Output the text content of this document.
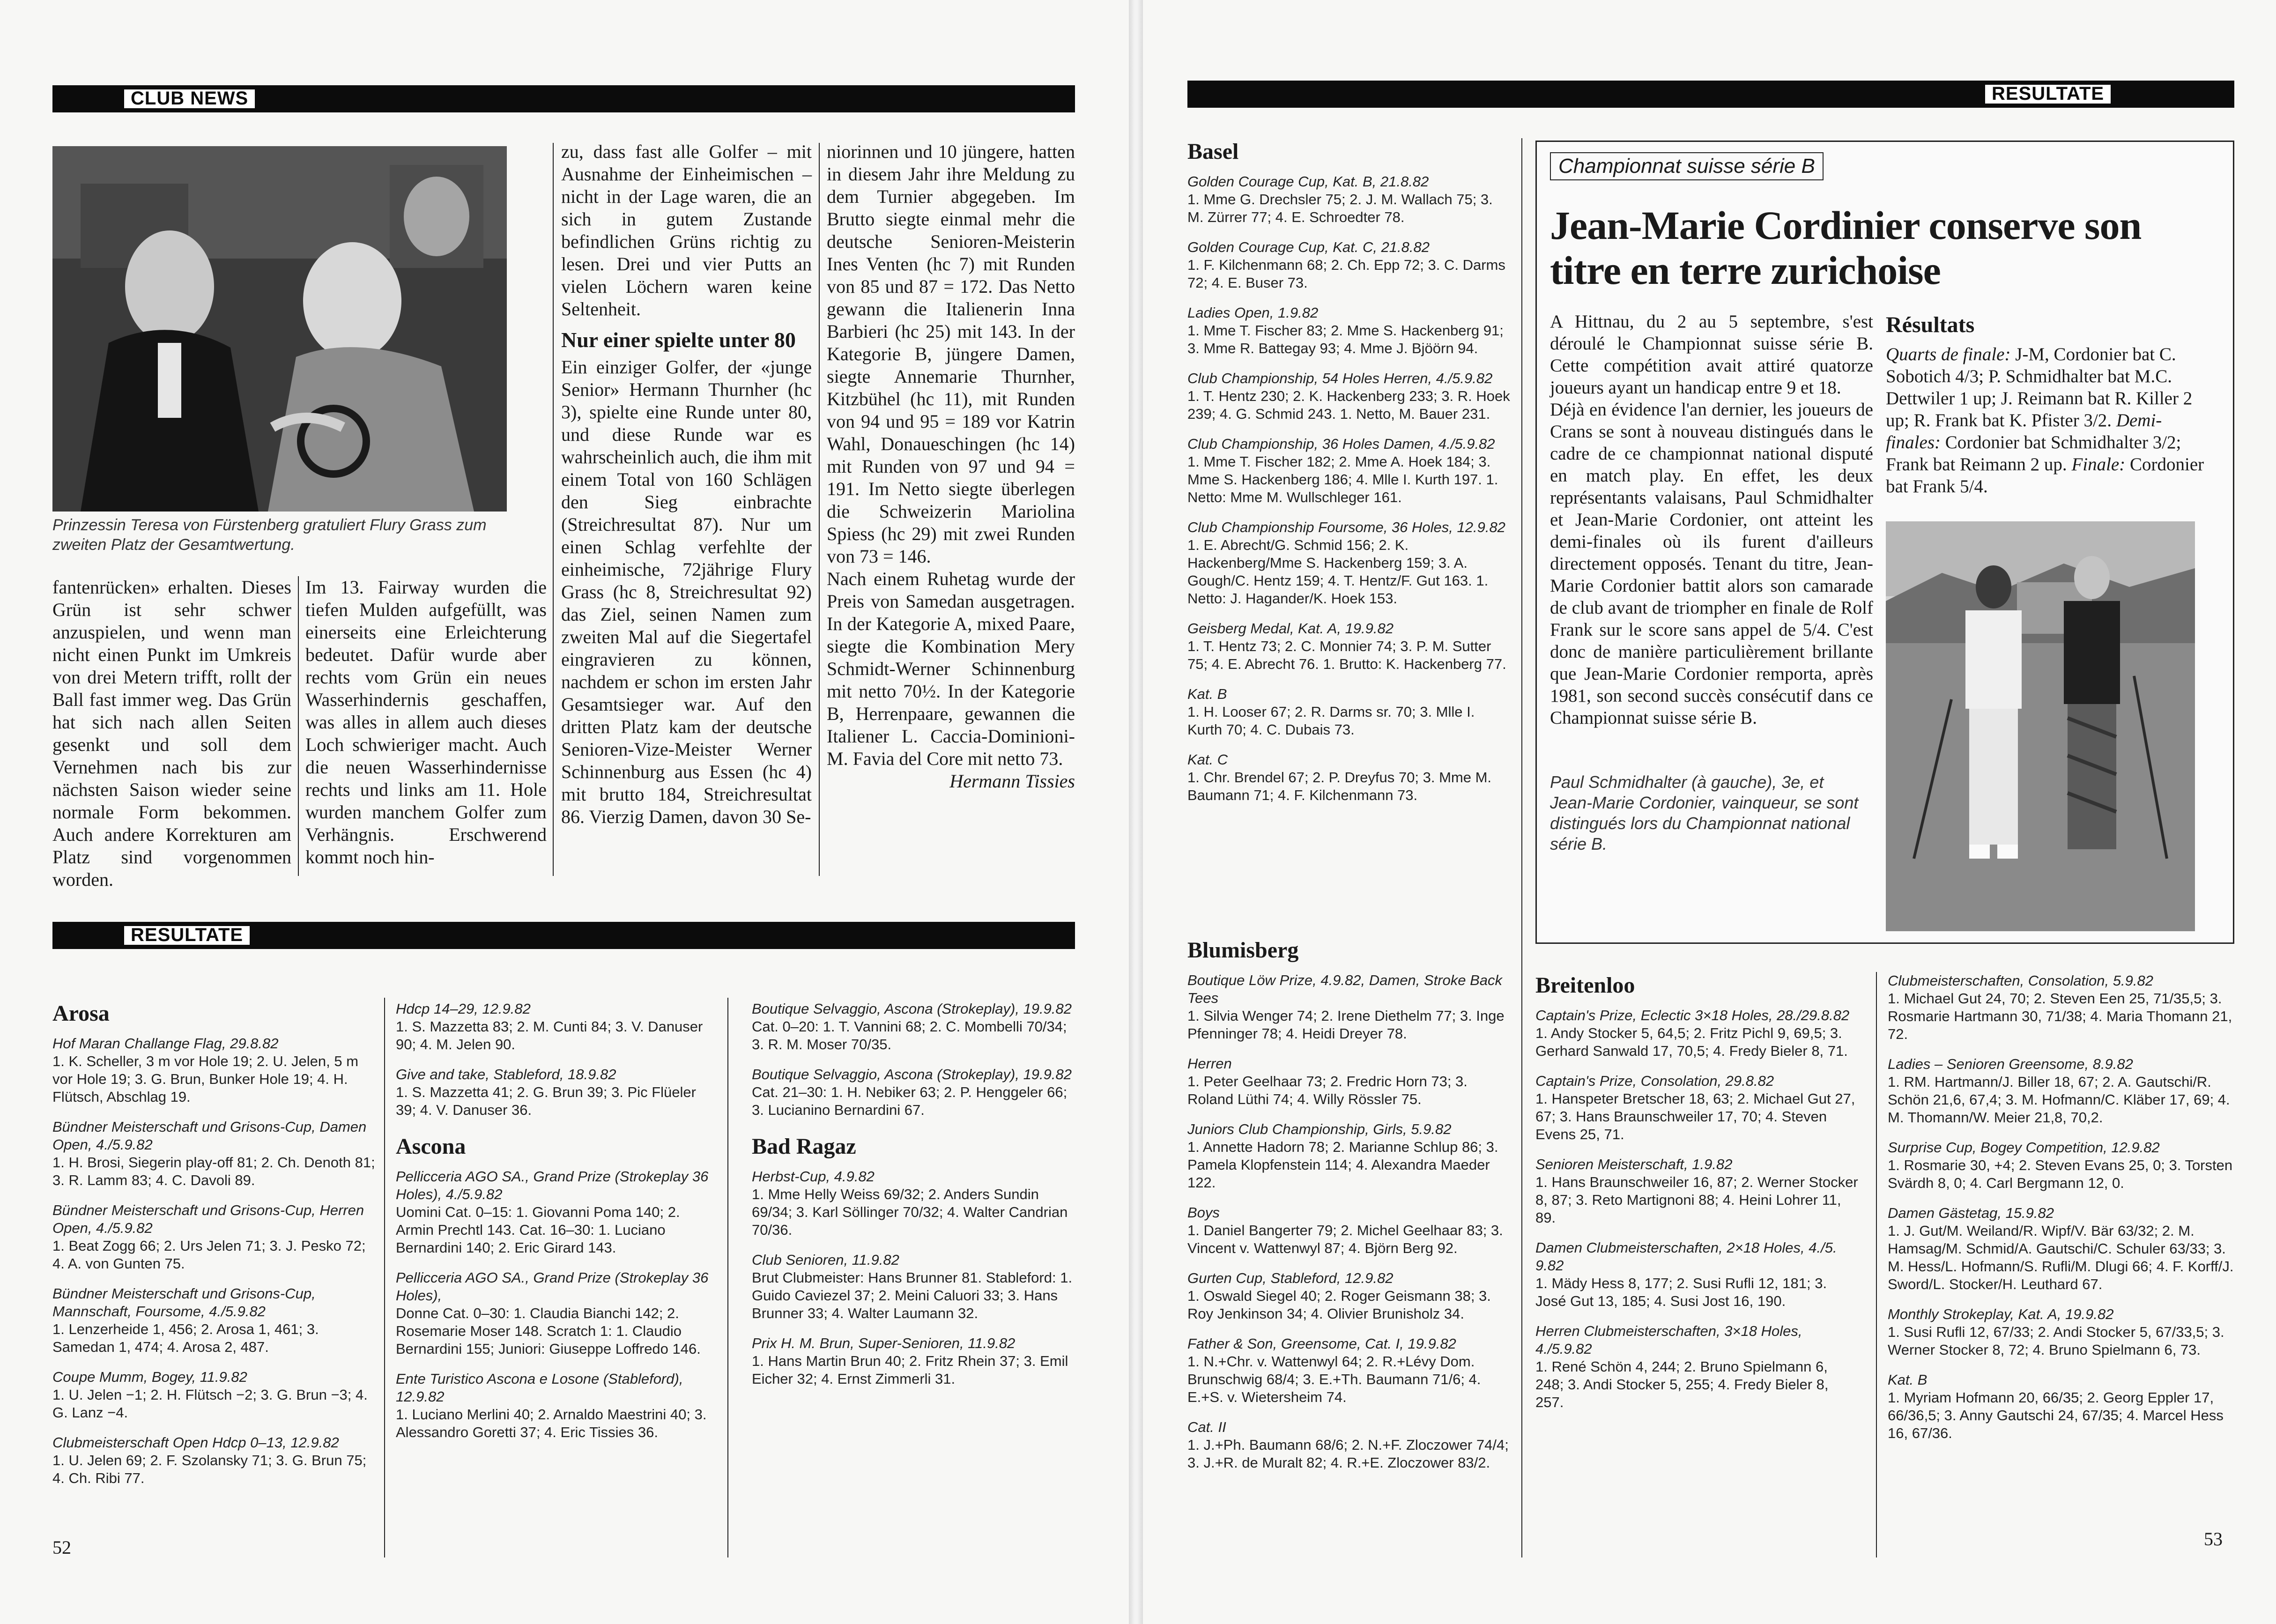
CLUB NEWS
Prinzessin Teresa von Fürstenberg gratuliert Flury Grass zum zweiten Platz der Gesamtwertung.

fantenrücken» erhalten. Dieses Grün ist sehr schwer anzuspielen, und wenn man nicht einen Punkt im Umkreis von drei Metern trifft, rollt der Ball fast immer weg. Das Grün hat sich nach allen Seiten gesenkt und soll dem Vernehmen nach bis zur nächsten Saison wieder seine normale Form bekommen. Auch andere Korrekturen am Platz sind vorgenommen worden.

Im 13. Fairway wurden die tiefen Mulden aufgefüllt, was einerseits eine Erleichterung bedeutet. Dafür wurde aber rechts vom Grün ein neues Wasserhindernis geschaffen, was alles in allem auch dieses Loch schwieriger macht. Auch die neuen Wasserhindernisse rechts und links am 11. Hole wurden manchem Golfer zum Verhängnis. Erschwerend kommt noch hin-

zu, dass fast alle Golfer – mit Ausnahme der Einheimischen – nicht in der Lage waren, die an sich in gutem Zustande befindlichen Grüns richtig zu lesen. Drei und vier Putts an vielen Löchern waren keine Seltenheit.

Nur einer spielte unter 80

Ein einziger Golfer, der «junge Senior» Hermann Thurnher (hc 3), spielte eine Runde unter 80, und diese Runde war es wahrscheinlich auch, die ihm mit einem Total von 160 Schlägen den Sieg einbrachte (Streichresultat 87). Nur um einen Schlag verfehlte der einheimische, 72jährige Flury Grass (hc 8, Streichresultat 92) das Ziel, seinen Namen zum zweiten Mal auf die Siegertafel eingravieren zu können, nachdem er schon im ersten Jahr Gesamtsieger war. Auf den dritten Platz kam der deutsche Senioren-Vize-Meister Werner Schinnenburg aus Essen (hc 4) mit brutto 184, Streichresultat 86. Vierzig Damen, davon 30 Se-

niorinnen und 10 jüngere, hatten in diesem Jahr ihre Meldung zu dem Turnier abgegeben. Im Brutto siegte einmal mehr die deutsche Senioren-Meisterin Ines Venten (hc 7) mit Runden von 85 und 87 = 172. Das Netto gewann die Italienerin Inna Barbieri (hc 25) mit 143. In der Kategorie B, jüngere Damen, siegte Annemarie Thurnher, Kitzbühel (hc 11), mit Runden von 94 und 95 = 189 vor Katrin Wahl, Donaueschingen (hc 14) mit Runden von 97 und 94 = 191. Im Netto siegte überlegen die Schweizerin Mariolina Spiess (hc 29) mit zwei Runden von 73 = 146.

Nach einem Ruhetag wurde der Preis von Samedan ausgetragen. In der Kategorie A, mixed Paare, siegte die Kombination Mery Schmidt-Werner Schinnenburg mit netto 70½. In der Kategorie B, Herrenpaare, gewannen die Italiener L. Caccia-Dominioni-M. Favia del Core mit netto 73.

Hermann Tissies

RESULTATE
Arosa
Hof Maran Challange Flag, 29.8.82
1. K. Scheller, 3 m vor Hole 19; 2. U. Jelen, 5 m vor Hole 19; 3. G. Brun, Bunker Hole 19; 4. H. Flütsch, Abschlag 19.
Bündner Meisterschaft und Grisons-Cup, Damen Open, 4./5.9.82
1. H. Brosi, Siegerin play-off 81; 2. Ch. Denoth 81; 3. R. Lamm 83; 4. C. Davoli 89.
Bündner Meisterschaft und Grisons-Cup, Herren Open, 4./5.9.82
1. Beat Zogg 66; 2. Urs Jelen 71; 3. J. Pesko 72; 4. A. von Gunten 75.
Bündner Meisterschaft und Grisons-Cup, Mannschaft, Foursome, 4./5.9.82
1. Lenzerheide 1, 456; 2. Arosa 1, 461; 3. Samedan 1, 474; 4. Arosa 2, 487.
Coupe Mumm, Bogey, 11.9.82
1. U. Jelen −1; 2. H. Flütsch −2; 3. G. Brun −3; 4. G. Lanz −4.
Clubmeisterschaft Open Hdcp 0–13, 12.9.82
1. U. Jelen 69; 2. F. Szolansky 71; 3. G. Brun 75; 4. Ch. Ribi 77.
Hdcp 14–29, 12.9.82
1. S. Mazzetta 83; 2. M. Cunti 84; 3. V. Danuser 90; 4. M. Jelen 90.
Give and take, Stableford, 18.9.82
1. S. Mazzetta 41; 2. G. Brun 39; 3. Pic Flüeler 39; 4. V. Danuser 36.
Ascona
Pellicceria AGO SA., Grand Prize (Strokeplay 36 Holes), 4./5.9.82
Uomini Cat. 0–15: 1. Giovanni Poma 140; 2. Armin Prechtl 143. Cat. 16–30: 1. Luciano Bernardini 140; 2. Eric Girard 143.
Pellicceria AGO SA., Grand Prize (Strokeplay 36 Holes),
Donne Cat. 0–30: 1. Claudia Bianchi 142; 2. Rosemarie Moser 148. Scratch 1: 1. Claudio Bernardini 155; Juniori: Giuseppe Loffredo 146.
Ente Turistico Ascona e Losone (Stableford), 12.9.82
1. Luciano Merlini 40; 2. Arnaldo Maestrini 40; 3. Alessandro Goretti 37; 4. Eric Tissies 36.
Boutique Selvaggio, Ascona (Strokeplay), 19.9.82
Cat. 0–20: 1. T. Vannini 68; 2. C. Mombelli 70/34; 3. R. M. Moser 70/35.
Boutique Selvaggio, Ascona (Strokeplay), 19.9.82
Cat. 21–30: 1. H. Nebiker 63; 2. P. Henggeler 66; 3. Lucianino Bernardini 67.
Bad Ragaz
Herbst-Cup, 4.9.82
1. Mme Helly Weiss 69/32; 2. Anders Sundin 69/34; 3. Karl Söllinger 70/32; 4. Walter Candrian 70/36.
Club Senioren, 11.9.82
Brut Clubmeister: Hans Brunner 81. Stableford: 1. Guido Caviezel 37; 2. Meini Caluori 33; 3. Hans Brunner 33; 4. Walter Laumann 32.
Prix H. M. Brun, Super-Senioren, 11.9.82
1. Hans Martin Brun 40; 2. Fritz Rhein 37; 3. Emil Eicher 32; 4. Ernst Zimmerli 31.
52
RESULTATE
Basel
Golden Courage Cup, Kat. B, 21.8.82
1. Mme G. Drechsler 75; 2. J. M. Wallach 75; 3. M. Zürrer 77; 4. E. Schroedter 78.
Golden Courage Cup, Kat. C, 21.8.82
1. F. Kilchenmann 68; 2. Ch. Epp 72; 3. C. Darms 72; 4. E. Buser 73.
Ladies Open, 1.9.82
1. Mme T. Fischer 83; 2. Mme S. Hackenberg 91; 3. Mme R. Battegay 93; 4. Mme J. Bjöörn 94.
Club Championship, 54 Holes Herren, 4./5.9.82
1. T. Hentz 230; 2. K. Hackenberg 233; 3. R. Hoek 239; 4. G. Schmid 243. 1. Netto, M. Bauer 231.
Club Championship, 36 Holes Damen, 4./5.9.82
1. Mme T. Fischer 182; 2. Mme A. Hoek 184; 3. Mme S. Hackenberg 186; 4. Mlle I. Kurth 197. 1. Netto: Mme M. Wullschleger 161.
Club Championship Foursome, 36 Holes, 12.9.82
1. E. Abrecht/G. Schmid 156; 2. K. Hackenberg/Mme S. Hackenberg 159; 3. A. Gough/C. Hentz 159; 4. T. Hentz/F. Gut 163. 1. Netto: J. Hagander/K. Hoek 153.
Geisberg Medal, Kat. A, 19.9.82
1. T. Hentz 73; 2. C. Monnier 74; 3. P. M. Sutter 75; 4. E. Abrecht 76. 1. Brutto: K. Hackenberg 77.
Kat. B
1. H. Looser 67; 2. R. Darms sr. 70; 3. Mlle I. Kurth 70; 4. C. Dubais 73.
Kat. C
1. Chr. Brendel 67; 2. P. Dreyfus 70; 3. Mme M. Baumann 71; 4. F. Kilchenmann 73.
Blumisberg
Boutique Löw Prize, 4.9.82, Damen, Stroke Back Tees
1. Silvia Wenger 74; 2. Irene Diethelm 77; 3. Inge Pfenninger 78; 4. Heidi Dreyer 78.
Herren
1. Peter Geelhaar 73; 2. Fredric Horn 73; 3. Roland Lüthi 74; 4. Willy Rössler 75.
Juniors Club Championship, Girls, 5.9.82
1. Annette Hadorn 78; 2. Marianne Schlup 86; 3. Pamela Klopfenstein 114; 4. Alexandra Maeder 122.
Boys
1. Daniel Bangerter 79; 2. Michel Geelhaar 83; 3. Vincent v. Wattenwyl 87; 4. Björn Berg 92.
Gurten Cup, Stableford, 12.9.82
1. Oswald Siegel 40; 2. Roger Geismann 38; 3. Roy Jenkinson 34; 4. Olivier Brunisholz 34.
Father & Son, Greensome, Cat. I, 19.9.82
1. N.+Chr. v. Wattenwyl 64; 2. R.+Lévy Dom. Brunschwig 68/4; 3. E.+Th. Baumann 71/6; 4. E.+S. v. Wietersheim 74.
Cat. II
1. J.+Ph. Baumann 68/6; 2. N.+F. Zloczower 74/4; 3. J.+R. de Muralt 82; 4. R.+E. Zloczower 83/2.
Championnat suisse série B
Jean-Marie Cordinier conserve son titre en terre zurichoise

A Hittnau, du 2 au 5 septembre, s'est déroulé le Championnat suisse série B. Cette compétition avait attiré quatorze joueurs ayant un handicap entre 9 et 18.

Déjà en évidence l'an dernier, les joueurs de Crans se sont à nouveau distingués dans le cadre de ce championnat national disputé en match play. En effet, les deux représentants valaisans, Paul Schmidhalter et Jean-Marie Cordonier, ont atteint les demi-finales où ils furent d'ailleurs directement opposés. Tenant du titre, Jean-Marie Cordonier battit alors son camarade de club avant de triompher en finale de Rolf Frank sur le score sans appel de 5/4. C'est donc de manière particulièrement brillante que Jean-Marie Cordonier remporta, après 1981, son second succès consécutif dans ce Championnat suisse série B.

Résultats
Quarts de finale: J-M, Cordonier bat C. Sobotich 4/3; P. Schmidhalter bat M.C. Dettwiler 1 up; J. Reimann bat R. Killer 2 up; R. Frank bat K. Pfister 3/2. Demi-finales: Cordonier bat Schmidhalter 3/2; Frank bat Reimann 2 up. Finale: Cordonier bat Frank 5/4.
Paul Schmidhalter (à gauche), 3e, et Jean-Marie Cordonier, vainqueur, se sont distingués lors du Championnat national série B.
Breitenloo
Captain's Prize, Eclectic 3×18 Holes, 28./29.8.82
1. Andy Stocker 5, 64,5; 2. Fritz Pichl 9, 69,5; 3. Gerhard Sanwald 17, 70,5; 4. Fredy Bieler 8, 71.
Captain's Prize, Consolation, 29.8.82
1. Hanspeter Bretscher 18, 63; 2. Michael Gut 27, 67; 3. Hans Braunschweiler 17, 70; 4. Steven Evens 25, 71.
Senioren Meisterschaft, 1.9.82
1. Hans Braunschweiler 16, 87; 2. Werner Stocker 8, 87; 3. Reto Martignoni 88; 4. Heini Lohrer 11, 89.
Damen Clubmeisterschaften, 2×18 Holes, 4./5. 9.82
1. Mädy Hess 8, 177; 2. Susi Rufli 12, 181; 3. José Gut 13, 185; 4. Susi Jost 16, 190.
Herren Clubmeisterschaften, 3×18 Holes, 4./5.9.82
1. René Schön 4, 244; 2. Bruno Spielmann 6, 248; 3. Andi Stocker 5, 255; 4. Fredy Bieler 8, 257.
Clubmeisterschaften, Consolation, 5.9.82
1. Michael Gut 24, 70; 2. Steven Een 25, 71/35,5; 3. Rosmarie Hartmann 30, 71/38; 4. Maria Thomann 21, 72.
Ladies – Senioren Greensome, 8.9.82
1. RM. Hartmann/J. Biller 18, 67; 2. A. Gautschi/R. Schön 21,6, 67,4; 3. M. Hofmann/C. Kläber 17, 69; 4. M. Thomann/W. Meier 21,8, 70,2.
Surprise Cup, Bogey Competition, 12.9.82
1. Rosmarie 30, +4; 2. Steven Evans 25, 0; 3. Torsten Svärdh 8, 0; 4. Carl Bergmann 12, 0.
Damen Gästetag, 15.9.82
1. J. Gut/M. Weiland/R. Wipf/V. Bär 63/32; 2. M. Hamsag/M. Schmid/A. Gautschi/C. Schuler 63/33; 3. M. Hess/L. Hofmann/S. Rufli/M. Dlugi 66; 4. F. Korff/J. Sword/L. Stocker/H. Leuthard 67.
Monthly Strokeplay, Kat. A, 19.9.82
1. Susi Rufli 12, 67/33; 2. Andi Stocker 5, 67/33,5; 3. Werner Stocker 8, 72; 4. Bruno Spielmann 6, 73.
Kat. B
1. Myriam Hofmann 20, 66/35; 2. Georg Eppler 17, 66/36,5; 3. Anny Gautschi 24, 67/35; 4. Marcel Hess 16, 67/36.
53
